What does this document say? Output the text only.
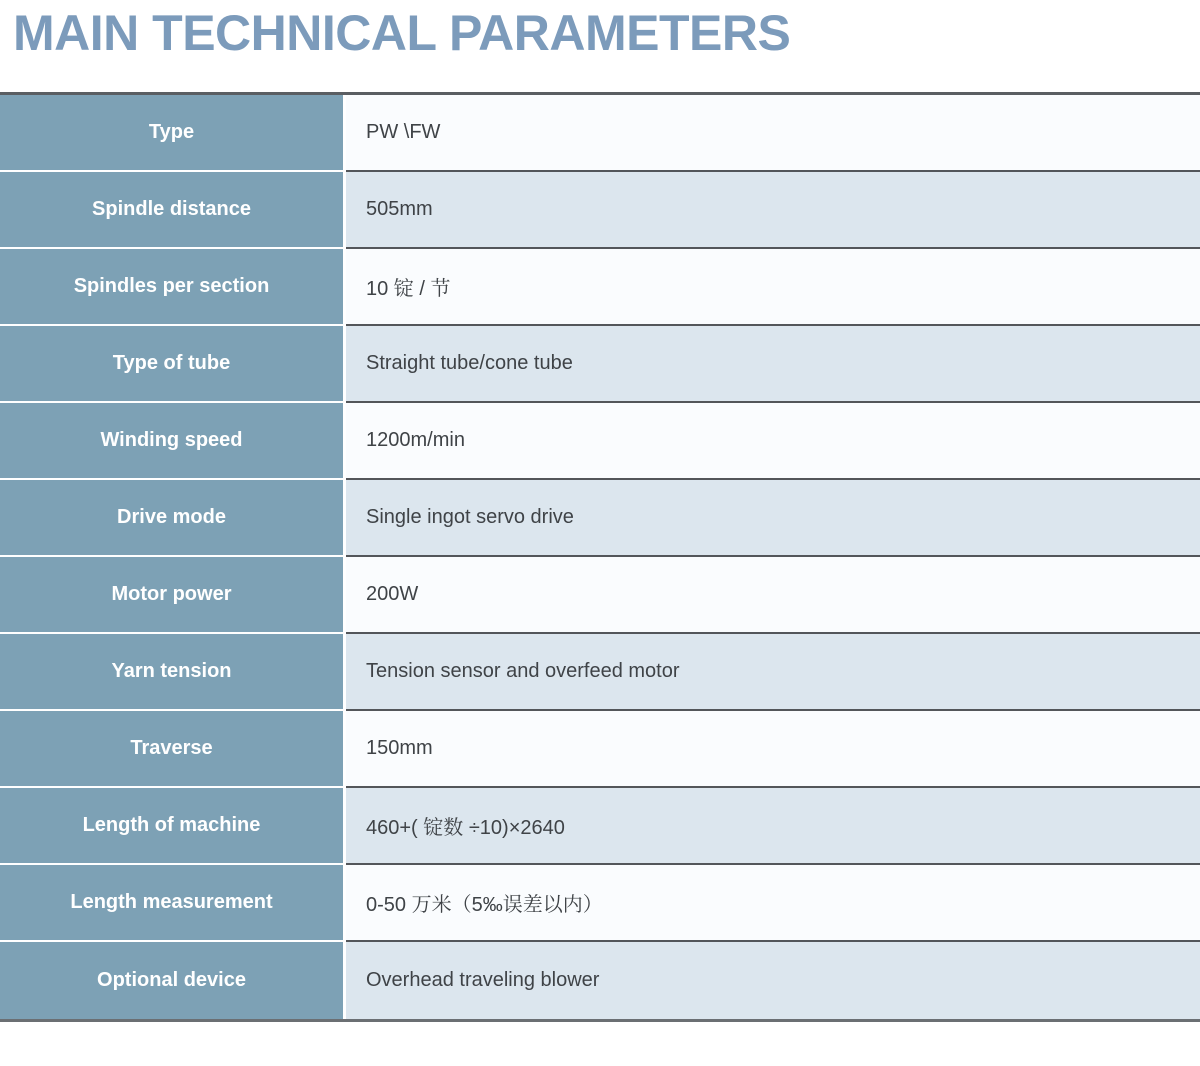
MAIN TECHNICAL PARAMETERS
Type	PW \FW
Spindle distance	505mm
Spindles per section	10 锭 / 节
Type of tube	Straight tube/cone tube
Winding speed	1200m/min
Drive mode	Single ingot servo drive
Motor power	200W
Yarn tension	Tension sensor and overfeed motor
Traverse	150mm
Length of machine	460+( 锭数 ÷10)×2640
Length measurement	0-50 万米（5‰误差以内）
Optional device	Overhead traveling blower
